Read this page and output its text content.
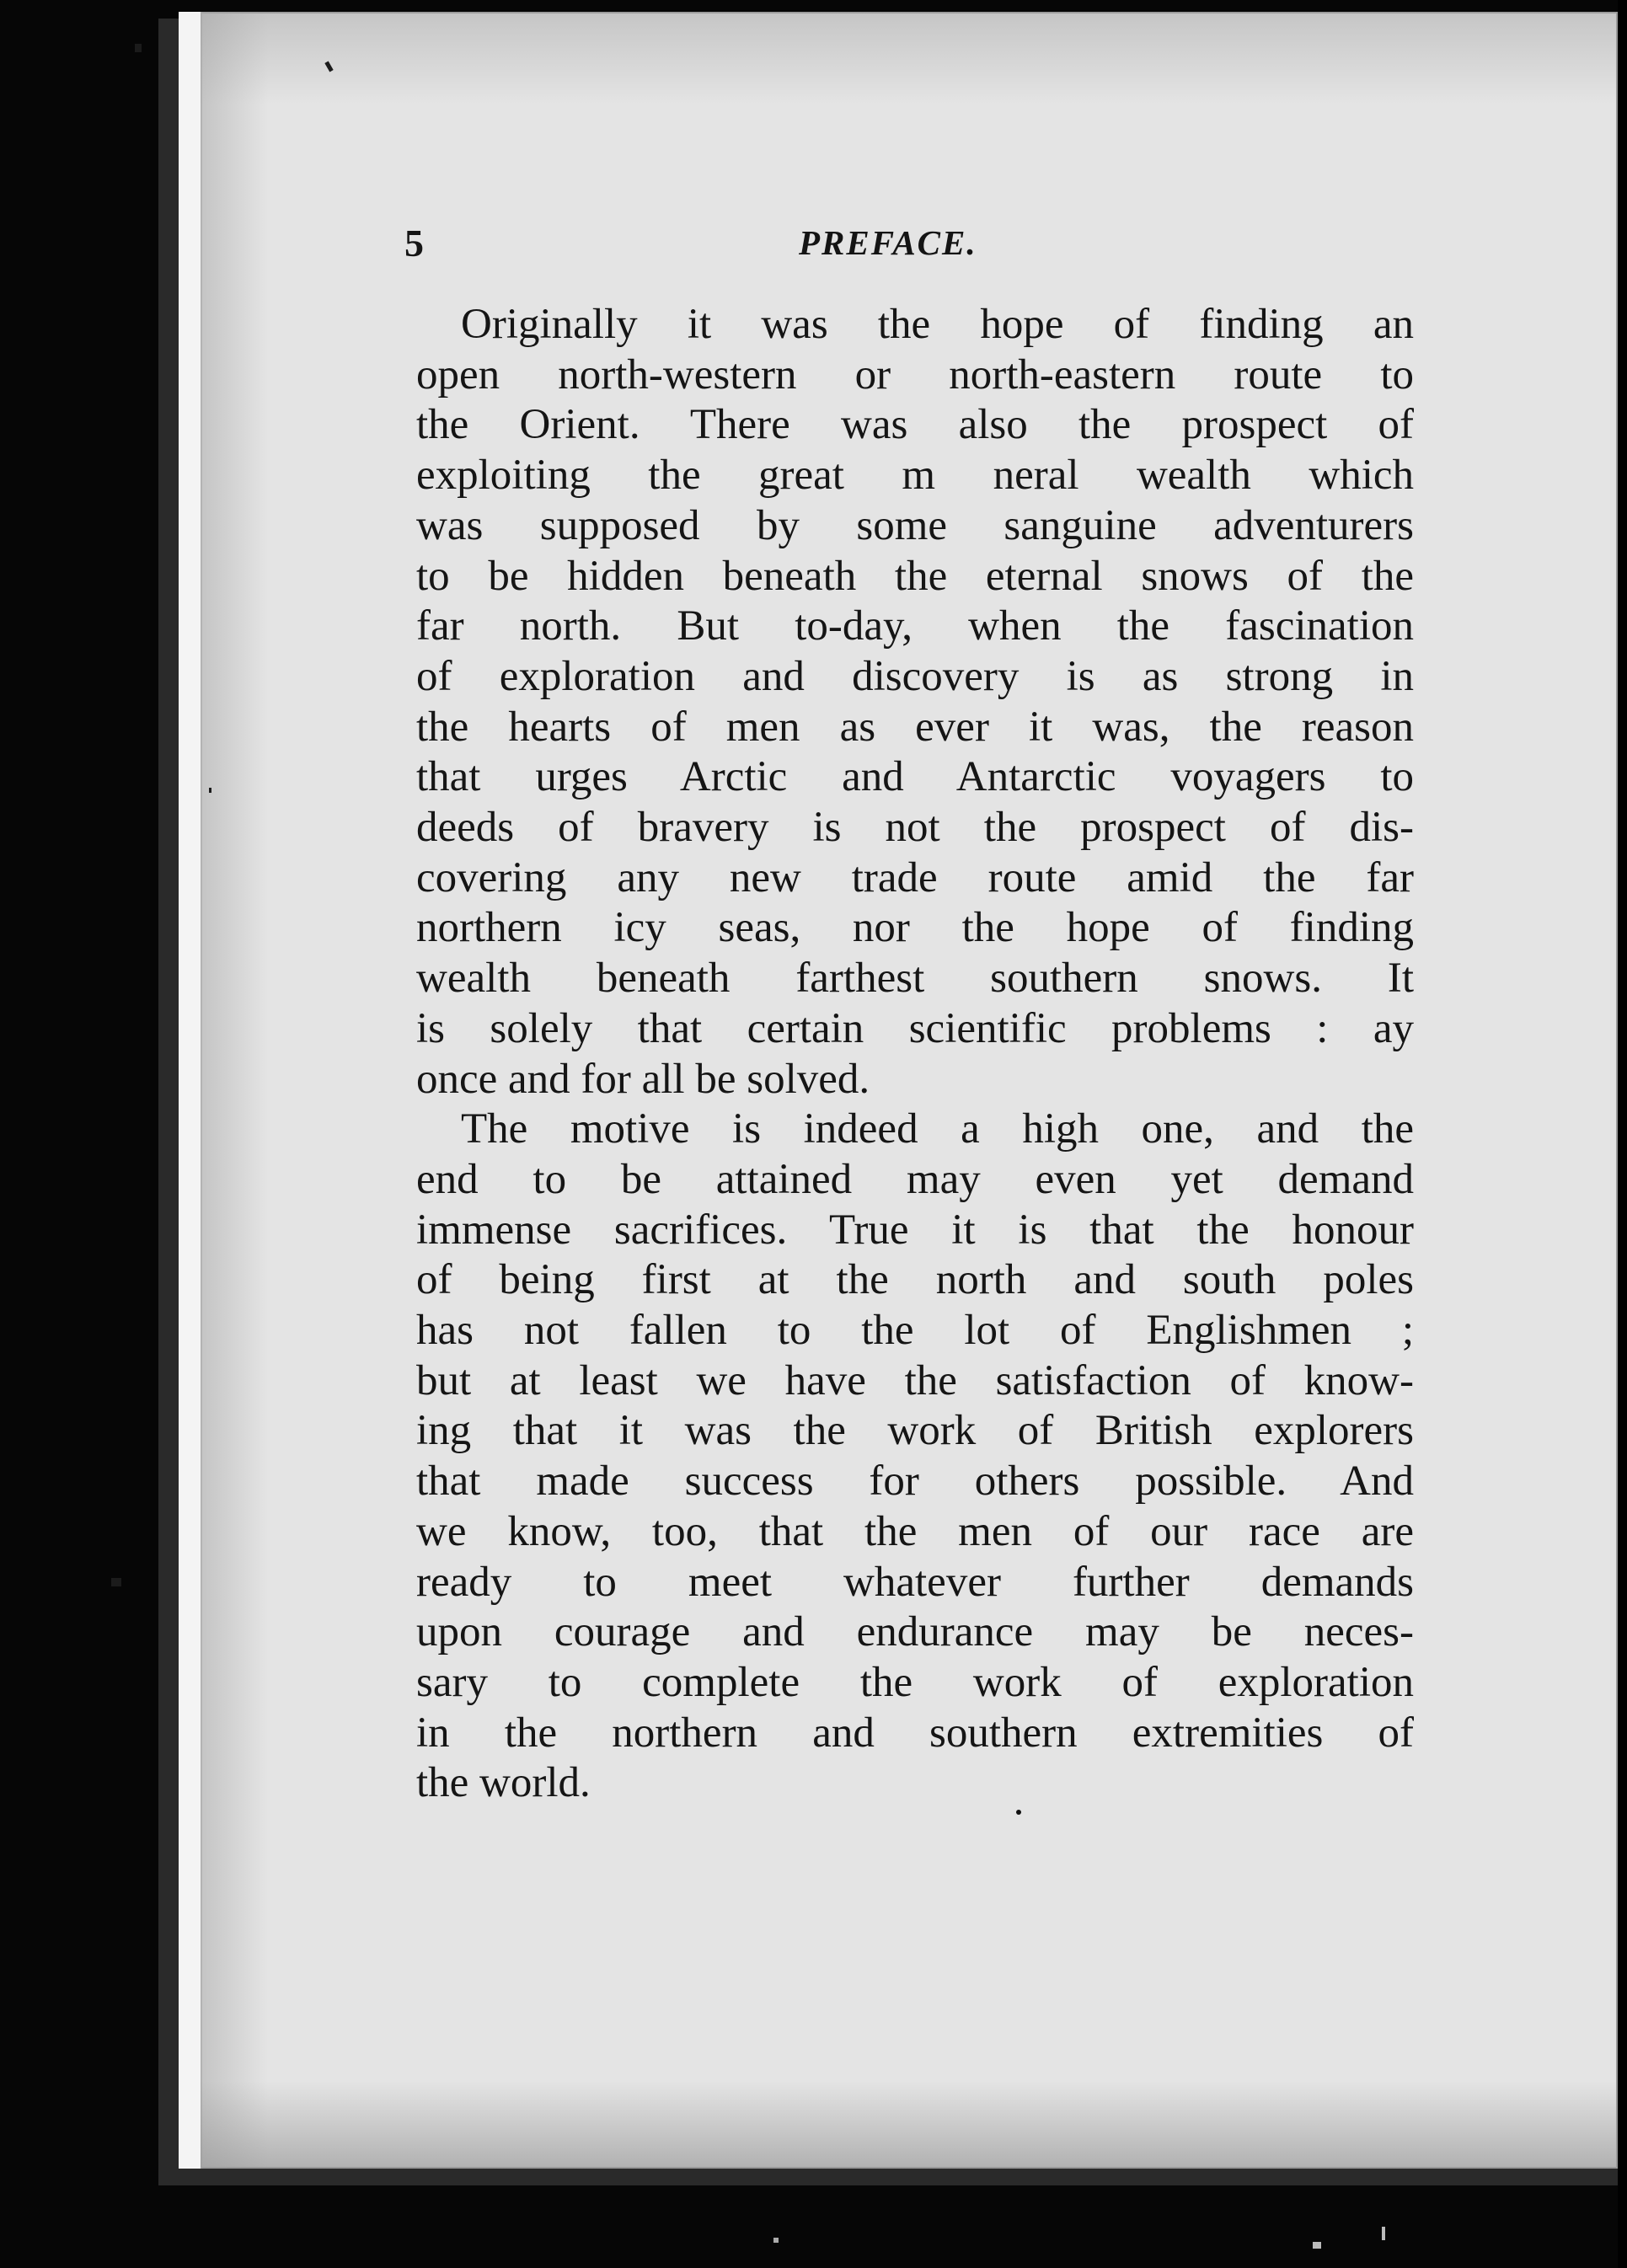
5	PREFACE.
Originally it was the hope of finding an
open north-western or north-eastern route to
the Orient. There was also the prospect of
exploiting the great m neral wealth which
was supposed by some sanguine adventurers
to be hidden beneath the eternal snows of the
far north. But to-day, when the fascination
of exploration and discovery is as strong in
the hearts of men as ever it was, the reason
that urges Arctic and Antarctic voyagers to
deeds of bravery is not the prospect of dis-
covering any new trade route amid the far
northern icy seas, nor the hope of finding
wealth beneath farthest southern snows. It
is solely that certain scientific problems : ay
once and for all be solved.
The motive is indeed a high one, and the
end to be attained may even yet demand
immense sacrifices. True it is that the honour
of being first at the north and south poles
has not fallen to the lot of Englishmen ;
but at least we have the satisfaction of know-
ing that it was the work of British explorers
that made success for others possible. And
we know, too, that the men of our race are
ready to meet whatever further demands
upon courage and endurance may be neces-
sary to complete the work of exploration
in the northern and southern extremities of
the world.
